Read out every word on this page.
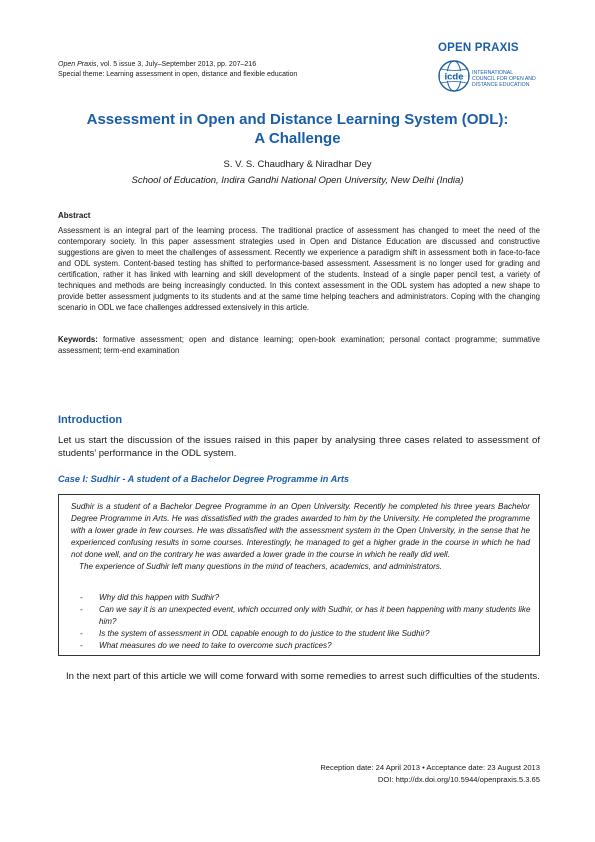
Open Praxis, vol. 5 issue 3, July–September 2013, pp. 207–216
Special theme: Learning assessment in open, distance and flexible education
OPEN PRAXIS
icde INTERNATIONAL
COUNCIL FOR OPEN AND
DISTANCE EDUCATION
Assessment in Open and Distance Learning System (ODL):
A Challenge
S. V. S. Chaudhary & Niradhar Dey
School of Education, Indira Gandhi National Open University, New Delhi (India)
Abstract
Assessment is an integral part of the learning process. The traditional practice of assessment has changed to meet the need of the contemporary society. In this paper assessment strategies used in Open and Distance Education are discussed and constructive suggestions are given to meet the challenges of assessment. Recently we experience a paradigm shift in assessment both in face-to-face and ODL system. Content-based testing has shifted to performance-based assessment. Assessment is no longer used for grading and certification, rather it has linked with learning and skill development of the students. Instead of a single paper pencil test, a variety of techniques and methods are being increasingly conducted. In this context assessment in the ODL system has adopted a new shape to provide better assessment judgments to its students and at the same time helping teachers and administrators. Coping with the changing scenario in ODL we face challenges addressed extensively in this article.
Keywords: formative assessment; open and distance learning; open-book examination; personal contact programme; summative assessment; term-end examination
Introduction
Let us start the discussion of the issues raised in this paper by analysing three cases related to assessment of students’ performance in the ODL system.
Case I: Sudhir - A student of a Bachelor Degree Programme in Arts
Sudhir is a student of a Bachelor Degree Programme in an Open University. Recently he completed his three years Bachelor Degree Programme in Arts. He was dissatisfied with the grades awarded to him by the University. He completed the programme with a lower grade in few courses. He was dissatisfied with the assessment system in the Open University, in the sense that he experienced confusing results in some courses. Interestingly, he managed to get a higher grade in the course in which he had not done well, and on the contrary he was awarded a lower grade in the course in which he really did well.
The experience of Sudhir left many questions in the mind of teachers, academics, and administrators.
- Why did this happen with Sudhir?
- Can we say it is an unexpected event, which occurred only with Sudhir, or has it been happening with many students like him?
- Is the system of assessment in ODL capable enough to do justice to the student like Sudhir?
- What measures do we need to take to overcome such practices?
In the next part of this article we will come forward with some remedies to arrest such difficulties of the students.
Reception date: 24 April 2013 • Acceptance date: 23 August 2013
DOI: http://dx.doi.org/10.5944/openpraxis.5.3.65
